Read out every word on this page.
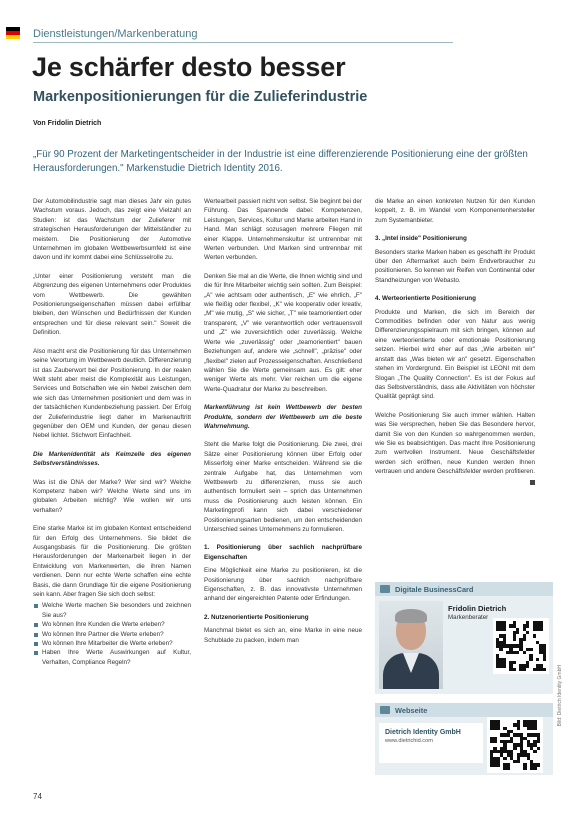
Dienstleistungen/Markenberatung
Je schärfer desto besser
Markenpositionierungen für die Zulieferindustrie
Von Fridolin Dietrich
„Für 90 Prozent der Marketingentscheider in der Industrie ist eine differenzierende Positionierung eine der größten Herausforderungen." Markenstudie Dietrich Identity 2016.

Der Automobilindustrie sagt man dieses Jahr ein gutes Wachstum voraus. Jedoch, das zeigt eine Vielzahl an Studien: ist das Wachstum der Zulieferer mit strategischen Herausforderungen der Mittelständler zu meistern. Die Positionierung der Automotive Unternehmen im globalen Wettbewerbsumfeld ist eine davon und ihr kommt dabei eine Schlüsselrolle zu.

„Unter einer Positionierung versteht man die Abgrenzung des eigenen Unternehmens oder Produktes vom Wettbewerb. Die gewählten Positionierungseigenschaften müssen dabei erfüllbar bleiben, den Wünschen und Bedürfnissen der Kunden entsprechen und für diese relevant sein." Soweit die Definition.

Also macht erst die Positionierung für das Unternehmen seine Verortung im Wettbewerb deutlich. Differenzierung ist das Zauberwort bei der Positionierung. In der realen Welt steht aber meist die Komplexität aus Leistungen, Services und Botschaften wie ein Nebel zwischen dem wie sich das Unternehmen positioniert und dem was in der tatsächlichen Kundenbeziehung passiert. Der Erfolg der Zulieferindustrie liegt daher im Markenauftritt gegenüber den OEM und Kunden, der genau diesen Nebel lichtet. Stichwort Einfachheit.

Die Markenidentität als Keimzelle des eigenen Selbstverständnisses.

Was ist die DNA der Marke? Wer sind wir? Welche Kompetenz haben wir? Welche Werte sind uns im globalen Arbeiten wichtig? Wie wollen wir uns verhalten?

Eine starke Marke ist im globalen Kontext entscheidend für den Erfolg des Unternehmens. Sie bildet die Ausgangsbasis für die Positionierung. Die größten Herausforderungen der Markenarbeit liegen in der Entwicklung von Markenwerten, die ihren Namen verdienen. Denn nur echte Werte schaffen eine echte Basis, die dann Grundlage für die eigene Positionierung sein kann. Aber fragen Sie sich doch selbst:

Welche Werte machen Sie besonders und zeichnen Sie aus?
Wo können Ihre Kunden die Werte erleben?
Wo können Ihre Partner die Werte erleben?
Wo können Ihre Mitarbeiter die Werte erleben?
Haben Ihre Werte Auswirkungen auf Kultur, Verhalten, Compliance Regeln?

Wertearbeit passiert nicht von selbst. Sie beginnt bei der Führung. Das Spannende dabei: Kompetenzen, Leistungen, Services, Kultur und Marke arbeiten Hand in Hand. Man schlägt sozusagen mehrere Fliegen mit einer Klappe. Unternehmenskultur ist untrennbar mit Werten verbunden. Und Marken sind untrennbar mit Werten verbunden.

Denken Sie mal an die Werte, die Ihnen wichtig sind und die für Ihre Mitarbeiter wichtig sein sollten. Zum Beispiel: „A" wie achtsam oder authentisch, „E" wie ehrlich, „F" wie fleißig oder flexibel, „K" wie kooperativ oder kreativ, „M" wie mutig, „S" wie sicher, „T" wie teamorientiert oder transparent, „V" wie verantwortlich oder vertrauensvoll und „Z" wie zuversichtlich oder zuverlässig. Welche Werte wie „zuverlässig" oder „teamorientiert" bauen Beziehungen auf, andere wie „schnell", „präzise" oder „flexibel" zielen auf Prozesseigenschaften. Anschließend wählen Sie die Werte gemeinsam aus. Es gilt: eher weniger Werte als mehr. Vier reichen um die eigene Werte-Quadratur der Marke zu beschreiben.

Markenführung ist kein Wettbewerb der besten Produkte, sondern der Wettbewerb um die beste Wahrnehmung.

Steht die Marke folgt die Positionierung. Die zwei, drei Sätze einer Positionierung können über Erfolg oder Misserfolg einer Marke entscheiden. Während sie die zentrale Aufgabe hat, das Unternehmen vom Wettbewerb zu differenzieren, muss sie auch authentisch formuliert sein – sprich das Unternehmen muss die Positionierung auch leisten können. Ein Marketingprofi kann sich dabei verschiedener Positionierungsarten bedienen, um den entscheidenden Unterschied seines Unternehmens zu formulieren.

1. Positionierung über sachlich nachprüfbare Eigenschaften

Eine Möglichkeit eine Marke zu positionieren, ist die Positionierung über sachlich nachprüfbare Eigenschaften, z. B. das innovativste Unternehmen anhand der eingereichten Patente oder Erfindungen.

2. Nutzenorientierte Positionierung

Manchmal bietet es sich an, eine Marke in eine neue Schublade zu packen, indem man

die Marke an einen konkreten Nutzen für den Kunden koppelt, z. B. im Wandel vom Komponentenhersteller zum Systemanbieter.

3. „Intel inside" Positionierung

Besonders starke Marken haben es geschafft ihr Produkt über den Aftermarket auch beim Endverbraucher zu positionieren. So kennen wir Reifen von Continental oder Standheizungen von Webasto.

4. Werteorientierte Positionierung

Produkte und Marken, die sich im Bereich der Commodities befinden oder von Natur aus wenig Differenzierungsspielraum mit sich bringen, können auf eine werteorientierte oder emotionale Positionierung setzen. Hierbei wird eher auf das „Wie arbeiten wir" anstatt das „Was bieten wir an" gesetzt. Eigenschaften stehen im Vordergrund. Ein Beispiel ist LEONI mit dem Slogan „The Quality Connection". Es ist der Fokus auf das Selbstverständnis, dass alle Aktivitäten von höchster Qualität geprägt sind.

Welche Positionierung Sie auch immer wählen. Halten was Sie versprechen, heben Sie das Besondere hervor, damit Sie von den Kunden so wahrgenommen werden, wie Sie es beabsichtigen. Das macht Ihre Positionierung zum wertvollen Instrument. Neue Geschäftsfelder werden sich eröffnen, neue Kunden werden Ihnen vertrauen und andere Geschäftsfelder werden profitieren.

Digitale BusinessCard
Fridolin Dietrich
Markenberater
Webseite
Dietrich Identity GmbH
www.dietrichid.com
Bild: Dietrich Identity GmbH
74
